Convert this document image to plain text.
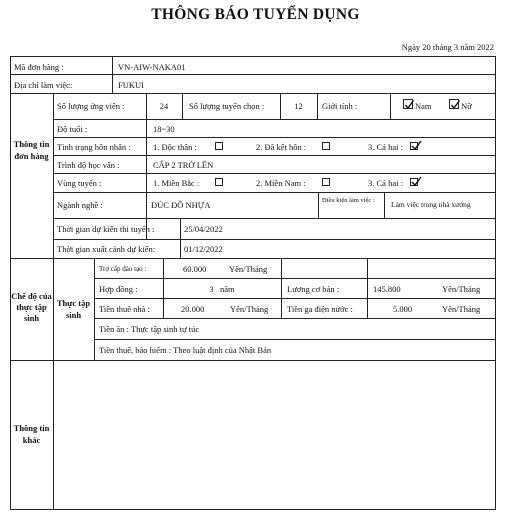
THÔNG BÁO TUYỂN DỤNG
Ngày 20 tháng 3 năm 2022
Mã đơn hàng :	VN-AIW-NAKA01
Địa chỉ làm việc:	FUKUI
Thông tin đơn hàng
Số lượng ứng viên :	24	Số lượng tuyển chọn :	12	Giới tính :	Nam	Nữ
Độ tuổi :	18~30
Tình trạng hôn nhân :	1. Độc thân :	2. Đã kết hôn :	3. Cả hai :
Trình độ học vấn :	CẤP 2 TRỞ LÊN
Vùng tuyển :	1. Miền Bắc :	2. Miền Nam :	3. Cả hai :
Ngành nghề :	ĐÚC ĐỒ NHỰA	Điều kiện làm việc :	Làm việc trong nhà xưởng
Thời gian dự kiến thi tuyển :	25/04/2022
Thời gian xuất cảnh dự kiến:	01/12/2022
Chế độ của thực tập sinh
Thực tập sinh
Trợ cấp đào tạo :	60.000	Yên/Tháng
Hợp đồng :	3   năm	Lương cơ bản :	145.800	Yên/Tháng
Tiền thuê nhà :	20.000	Yên/Tháng Tiền ga điện nước :	5.000	Yên/Tháng
Tiền ăn : Thực tập sinh tự túc
Tiền thuế, bảo hiểm : Theo luật định của Nhật Bản
Thông tin khác
